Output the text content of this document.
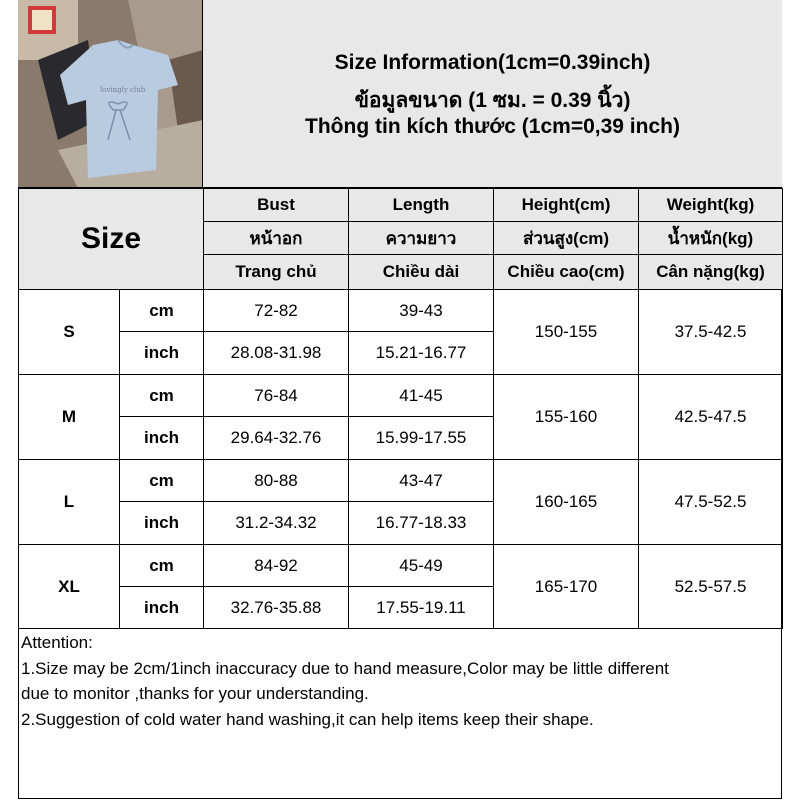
lovingly club
Size Information(1cm=0.39inch)
ข้อมูลขนาด (1 ซม. = 0.39 นิ้ว)
Thông tin kích thước (1cm=0,39 inch)
Size		Bust	Length	Height(cm)	Weight(kg)
		หน้าอก	ความยาว	ส่วนสูง(cm)	น้ำหนัก(kg)
		Trang chủ	Chiều dài	Chiều cao(cm)	Cân nặng(kg)
S	cm	72-82	39-43	150-155	37.5-42.5
	inch	28.08-31.98	15.21-16.77		
M	cm	76-84	41-45	155-160	42.5-47.5
	inch	29.64-32.76	15.99-17.55		
L	cm	80-88	43-47	160-165	47.5-52.5
	inch	31.2-34.32	16.77-18.33		
XL	cm	84-92	45-49	165-170	52.5-57.5
	inch	32.76-35.88	17.55-19.11		
Attention:
1.Size may be 2cm/1inch inaccuracy due to hand measure,Color may be little different
due to monitor ,thanks for your understanding.
2.Suggestion of cold water hand washing,it can help items keep their shape.
